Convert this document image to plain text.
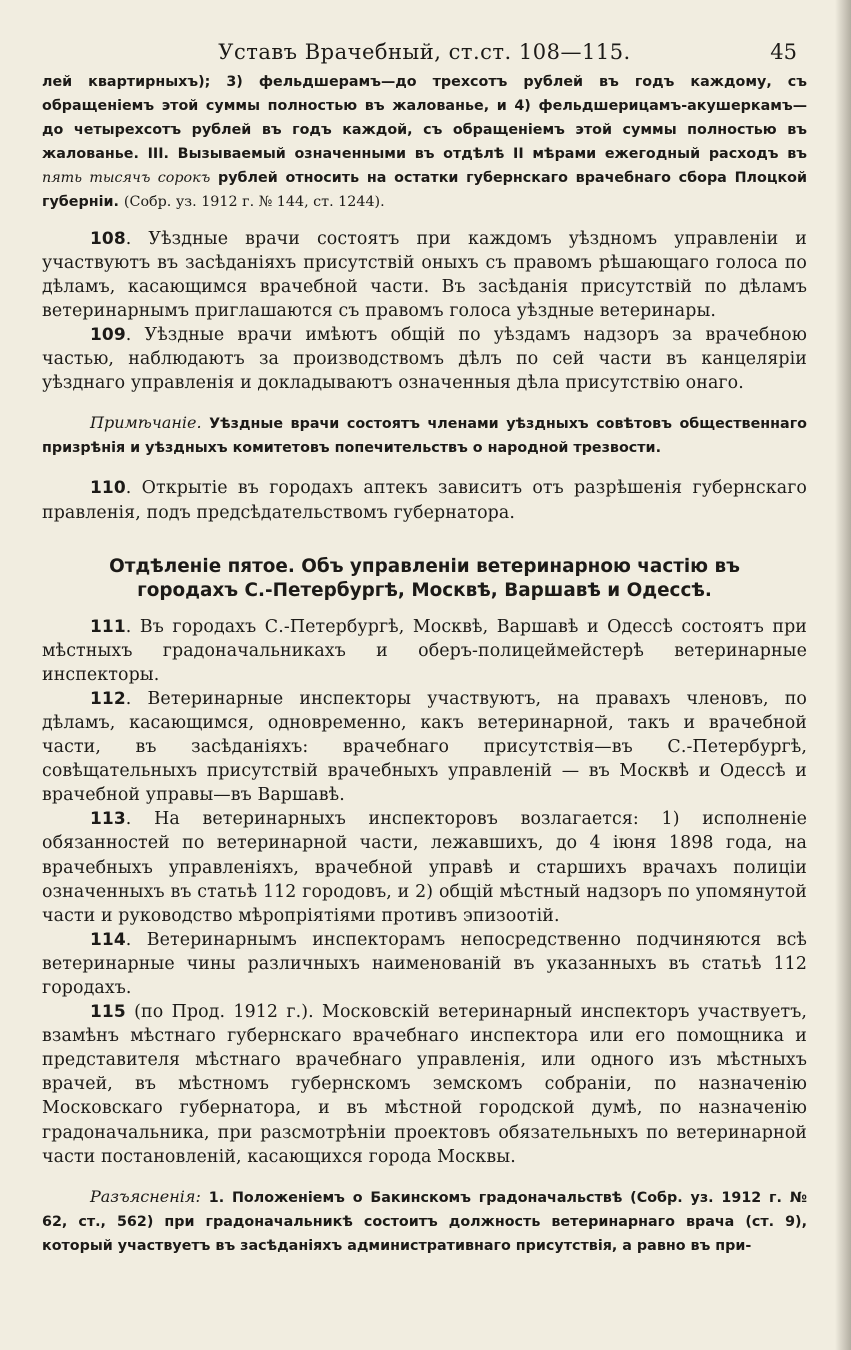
Уставъ Врачебный, ст.ст. 108—115.	45

лей квартирныхъ); 3) фельдшерамъ—до трехсотъ рублей въ годъ каждому, съ обращеніемъ этой суммы полностью въ жалованье, и 4) фельдшерицамъ-акушеркамъ—до четырехсотъ рублей въ годъ каждой, съ обращеніемъ этой суммы полностью въ жалованье. III. Вызываемый означенными въ отдѣлѣ II мѣрами ежегодный расходъ въ пять тысячъ сорокъ рублей относить на остатки губернскаго врачебнаго сбора Плоцкой губерніи. (Собр. уз. 1912 г. № 144, ст. 1244).

108. Уѣздные врачи состоятъ при каждомъ уѣздномъ управленіи и участвуютъ въ засѣданіяхъ присутствій оныхъ съ правомъ рѣшающаго голоса по дѣламъ, касающимся врачебной части. Въ засѣданія присутствій по дѣламъ ветеринарнымъ приглашаются съ правомъ голоса уѣздные ветеринары.

109. Уѣздные врачи имѣютъ общій по уѣздамъ надзоръ за врачебною частью, наблюдаютъ за производствомъ дѣлъ по сей части въ канцеляріи уѣзднаго управленія и докладываютъ означенныя дѣла присутствію онаго.

Примѣчаніе. Уѣздные врачи состоятъ членами уѣздныхъ совѣтовъ общественнаго призрѣнія и уѣздныхъ комитетовъ попечительствъ о народной трезвости.

110. Открытіе въ городахъ аптекъ зависитъ отъ разрѣшенія губернскаго правленія, подъ предсѣдательствомъ губернатора.

Отдѣленіе пятое. Объ управленіи ветеринарною частію въ

городахъ С.-Петербургѣ, Москвѣ, Варшавѣ и Одессѣ.

111. Въ городахъ С.-Петербургѣ, Москвѣ, Варшавѣ и Одессѣ состоятъ при мѣстныхъ градоначальникахъ и оберъ-полицеймейстерѣ ветеринарные инспекторы.

112. Ветеринарные инспекторы участвуютъ, на правахъ членовъ, по дѣламъ, касающимся, одновременно, какъ ветеринарной, такъ и врачебной части, въ засѣданіяхъ: врачебнаго присутствія—въ С.-Петербургѣ, совѣщательныхъ присутствій врачебныхъ управленій — въ Москвѣ и Одессѣ и врачебной управы—въ Варшавѣ.

113. На ветеринарныхъ инспекторовъ возлагается: 1) исполненіе обязанностей по ветеринарной части, лежавшихъ, до 4 іюня 1898 года, на врачебныхъ управленіяхъ, врачебной управѣ и старшихъ врачахъ полиціи означенныхъ въ статьѣ 112 городовъ, и 2) общій мѣстный надзоръ по упомянутой части и руководство мѣропріятіями противъ эпизоотій.

114. Ветеринарнымъ инспекторамъ непосредственно подчиняются всѣ ветеринарные чины различныхъ наименованій въ указанныхъ въ статьѣ 112 городахъ.

115 (по Прод. 1912 г.). Московскій ветеринарный инспекторъ участвуетъ, взамѣнъ мѣстнаго губернскаго врачебнаго инспектора или его помощника и представителя мѣстнаго врачебнаго управленія, или одного изъ мѣстныхъ врачей, въ мѣстномъ губернскомъ земскомъ собраніи, по назначенію Московскаго губернатора, и въ мѣстной городской думѣ, по назначенію градоначальника, при разсмотрѣніи проектовъ обязательныхъ по ветеринарной части постановленій, касающихся города Москвы.

Разъясненія: 1. Положеніемъ о Бакинскомъ градоначальствѣ (Собр. уз. 1912 г. № 62, ст., 562) при градоначальникѣ состоитъ должность ветеринарнаго врача (ст. 9), который участвуетъ въ засѣданіяхъ административнаго присутствія, а равно въ при-
